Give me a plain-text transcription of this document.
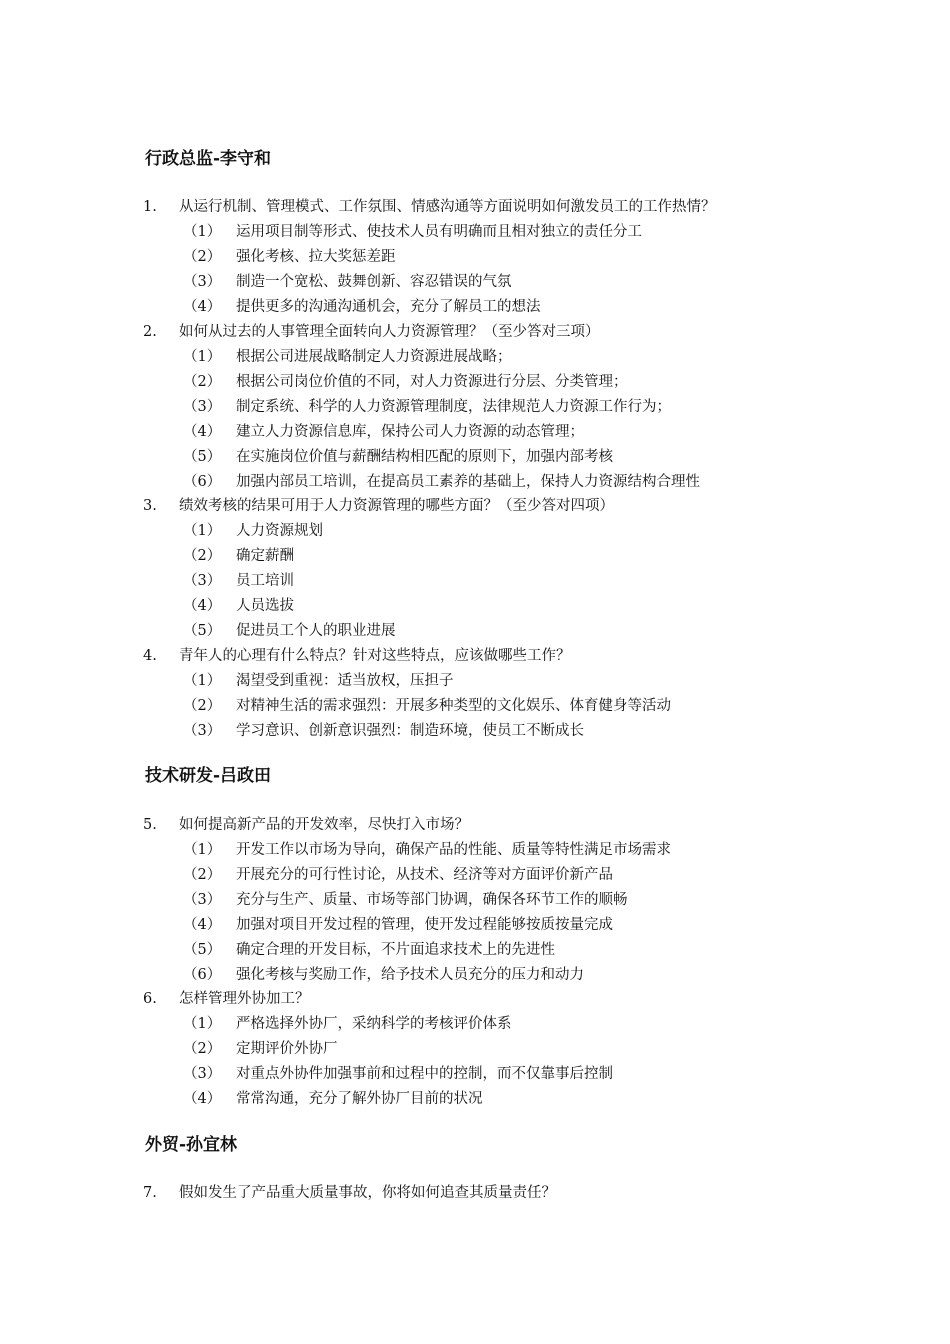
行政总监-李守和
1. 从运行机制、管理模式、工作氛围、情感沟通等方面说明如何激发员工的工作热情？
（1） 运用项目制等形式、使技术人员有明确而且相对独立的责任分工
（2） 强化考核、拉大奖惩差距
（3） 制造一个宽松、鼓舞创新、容忍错误的气氛
（4） 提供更多的沟通沟通机会，充分了解员工的想法
2. 如何从过去的人事管理全面转向人力资源管理？（至少答对三项）
（1） 根据公司进展战略制定人力资源进展战略；
（2） 根据公司岗位价值的不同，对人力资源进行分层、分类管理；
（3） 制定系统、科学的人力资源管理制度，法律规范人力资源工作行为；
（4） 建立人力资源信息库，保持公司人力资源的动态管理；
（5） 在实施岗位价值与薪酬结构相匹配的原则下，加强内部考核
（6） 加强内部员工培训，在提高员工素养的基础上，保持人力资源结构合理性
3. 绩效考核的结果可用于人力资源管理的哪些方面？（至少答对四项）
（1） 人力资源规划
（2） 确定薪酬
（3） 员工培训
（4） 人员选拔
（5） 促进员工个人的职业进展
4. 青年人的心理有什么特点？针对这些特点，应该做哪些工作？
（1） 渴望受到重视：适当放权，压担子
（2） 对精神生活的需求强烈：开展多种类型的文化娱乐、体育健身等活动
（3） 学习意识、创新意识强烈：制造环境，使员工不断成长
技术研发-吕政田
5. 如何提高新产品的开发效率，尽快打入市场？
（1） 开发工作以市场为导向，确保产品的性能、质量等特性满足市场需求
（2） 开展充分的可行性讨论，从技术、经济等对方面评价新产品
（3） 充分与生产、质量、市场等部门协调，确保各环节工作的顺畅
（4） 加强对项目开发过程的管理，使开发过程能够按质按量完成
（5） 确定合理的开发目标，不片面追求技术上的先进性
（6） 强化考核与奖励工作，给予技术人员充分的压力和动力
6. 怎样管理外协加工？
（1） 严格选择外协厂，采纳科学的考核评价体系
（2） 定期评价外协厂
（3） 对重点外协件加强事前和过程中的控制，而不仅靠事后控制
（4） 常常沟通，充分了解外协厂目前的状况
外贸-孙宜林
7. 假如发生了产品重大质量事故，你将如何追查其质量责任？
